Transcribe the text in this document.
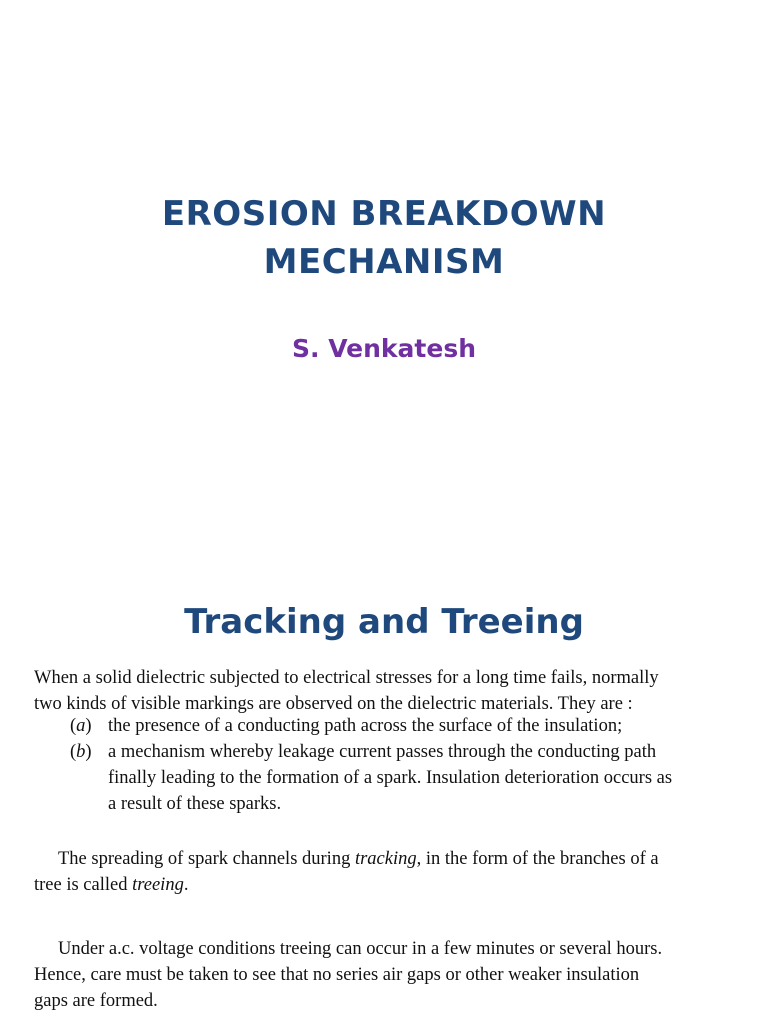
EROSION BREAKDOWN
MECHANISM
S. Venkatesh
Tracking and Treeing
When a solid dielectric subjected to electrical stresses for a long time fails, normally
two kinds of visible markings are observed on the dielectric materials. They are :
(a) the presence of a conducting path across the surface of the insulation;
(b) a mechanism whereby leakage current passes through the conducting path
finally leading to the formation of a spark. Insulation deterioration occurs as
a result of these sparks.
The spreading of spark channels during tracking, in the form of the branches of a
tree is called treeing.
Under a.c. voltage conditions treeing can occur in a few minutes or several hours.
Hence, care must be taken to see that no series air gaps or other weaker insulation
gaps are formed.
